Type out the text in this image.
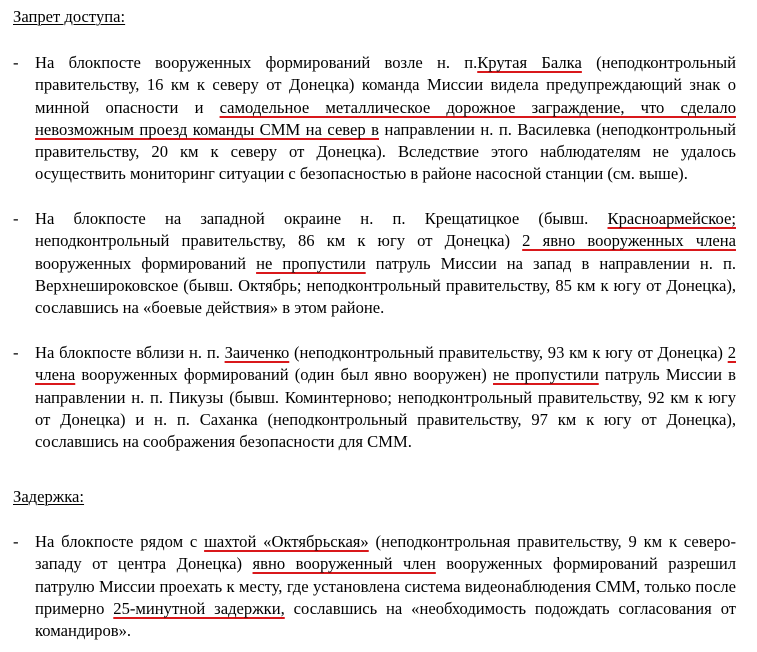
Запрет доступа:
- На блокпосте вооруженных формирований возле н. п.Крутая Балка (неподконтрольный правительству, 16 км к северу от Донецка) команда Миссии видела предупреждающий знак о минной опасности и самодельное металлическое дорожное заграждение, что сделало невозможным проезд команды СММ на север в направлении н. п. Василевка (неподконтрольный правительству, 20 км к северу от Донецка). Вследствие этого наблюдателям не удалось осуществить мониторинг ситуации с безопасностью в районе насосной станции (см. выше).

- На блокпосте на западной окраине н. п. Крещатицкое (бывш. Красноармейское; неподконтрольный правительству, 86 км к югу от Донецка) 2 явно вооруженных члена вооруженных формирований не пропустили патруль Миссии на запад в направлении н. п. Верхнешироковское (бывш. Октябрь; неподконтрольный правительству, 85 км к югу от Донецка), сославшись на «боевые действия» в этом районе.

- На блокпосте вблизи н. п. Заиченко (неподконтрольный правительству, 93 км к югу от Донецка) 2 члена вооруженных формирований (один был явно вооружен) не пропустили патруль Миссии в направлении н. п. Пикузы (бывш. Коминтерново; неподконтрольный правительству, 92 км к югу от Донецка) и н. п. Саханка (неподконтрольный правительству, 97 км к югу от Донецка), сославшись на соображения безопасности для СММ.

Задержка:
- На блокпосте рядом с шахтой «Октябрьская» (неподконтрольная правительству, 9 км к северо-западу от центра Донецка) явно вооруженный член вооруженных формирований разрешил патрулю Миссии проехать к месту, где установлена система видеонаблюдения СММ, только после примерно 25-минутной задержки, сославшись на «необходимость подождать согласования от командиров».
